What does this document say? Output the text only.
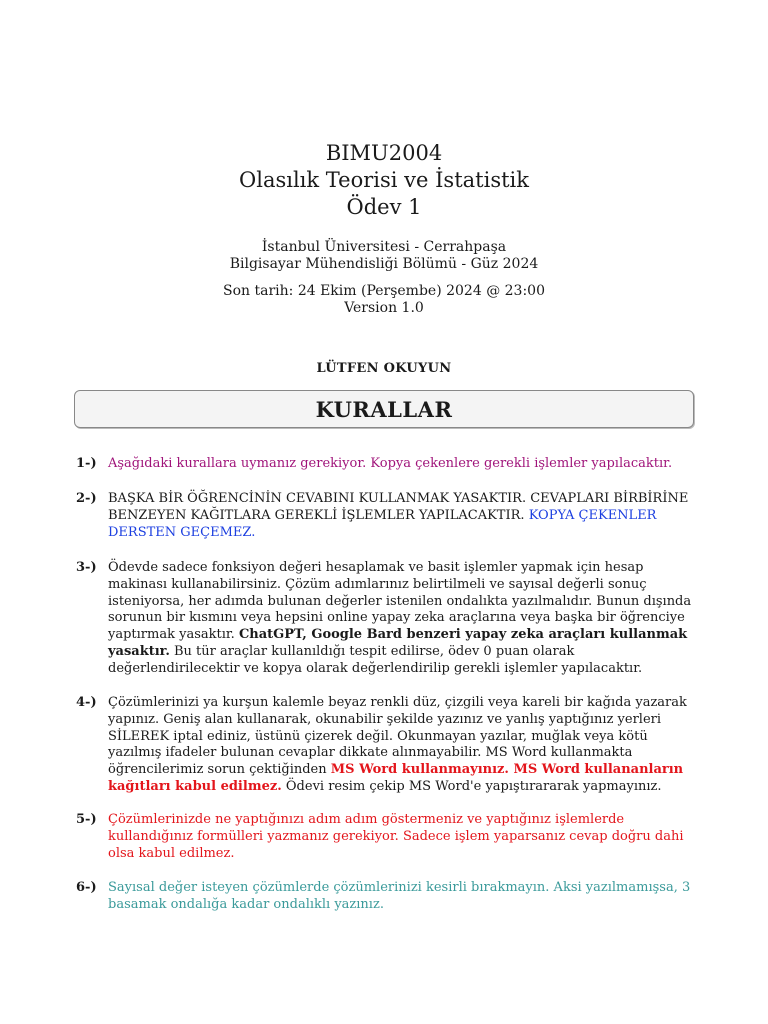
BIMU2004
Olasılık Teorisi ve İstatistik
Ödev 1
İstanbul Üniversitesi - Cerrahpaşa
Bilgisayar Mühendisliği Bölümü - Güz 2024
Son tarih: 24 Ekim (Perşembe) 2024 @ 23:00
Version 1.0
LÜTFEN OKUYUN
KURALLAR
1-) Aşağıdaki kurallara uymanız gerekiyor. Kopya çekenlere gerekli işlemler yapılacaktır.
2-) BAŞKA BİR ÖĞRENCİNİN CEVABINI KULLANMAK YASAKTIR. CEVAPLARI BİRBİRİNE BENZEYEN KAĞITLARA GEREKLİ İŞLEMLER YAPILACAKTIR. KOPYA ÇEKENLER DERSTEN GEÇEMEZ.
3-) Ödevde sadece fonksiyon değeri hesaplamak ve basit işlemler yapmak için hesap makinası kullanabilirsiniz. Çözüm adımlarınız belirtilmeli ve sayısal değerli sonuç isteniyorsa, her adımda bulunan değerler istenilen ondalıkta yazılmalıdır. Bunun dışında sorunun bir kısmını veya hepsini online yapay zeka araçlarına veya başka bir öğrenciye yaptırmak yasaktır. ChatGPT, Google Bard benzeri yapay zeka araçları kullanmak yasaktır. Bu tür araçlar kullanıldığı tespit edilirse, ödev 0 puan olarak değerlendirilecektir ve kopya olarak değerlendirilip gerekli işlemler yapılacaktır.
4-) Çözümlerinizi ya kurşun kalemle beyaz renkli düz, çizgili veya kareli bir kağıda yazarak yapınız. Geniş alan kullanarak, okunabilir şekilde yazınız ve yanlış yaptığınız yerleri SİLEREK iptal ediniz, üstünü çizerek değil. Okunmayan yazılar, muğlak veya kötü yazılmış ifadeler bulunan cevaplar dikkate alınmayabilir. MS Word kullanmakta öğrencilerimiz sorun çektiğinden MS Word kullanmayınız. MS Word kullananların kağıtları kabul edilmez. Ödevi resim çekip MS Word'e yapıştırararak yapmayınız.
5-) Çözümlerinizde ne yaptığınızı adım adım göstermeniz ve yaptığınız işlemlerde kullandığınız formülleri yazmanız gerekiyor. Sadece işlem yaparsanız cevap doğru dahi olsa kabul edilmez.
6-) Sayısal değer isteyen çözümlerde çözümlerinizi kesirli bırakmayın. Aksi yazılmamışsa, 3 basamak ondalığa kadar ondalıklı yazınız.
